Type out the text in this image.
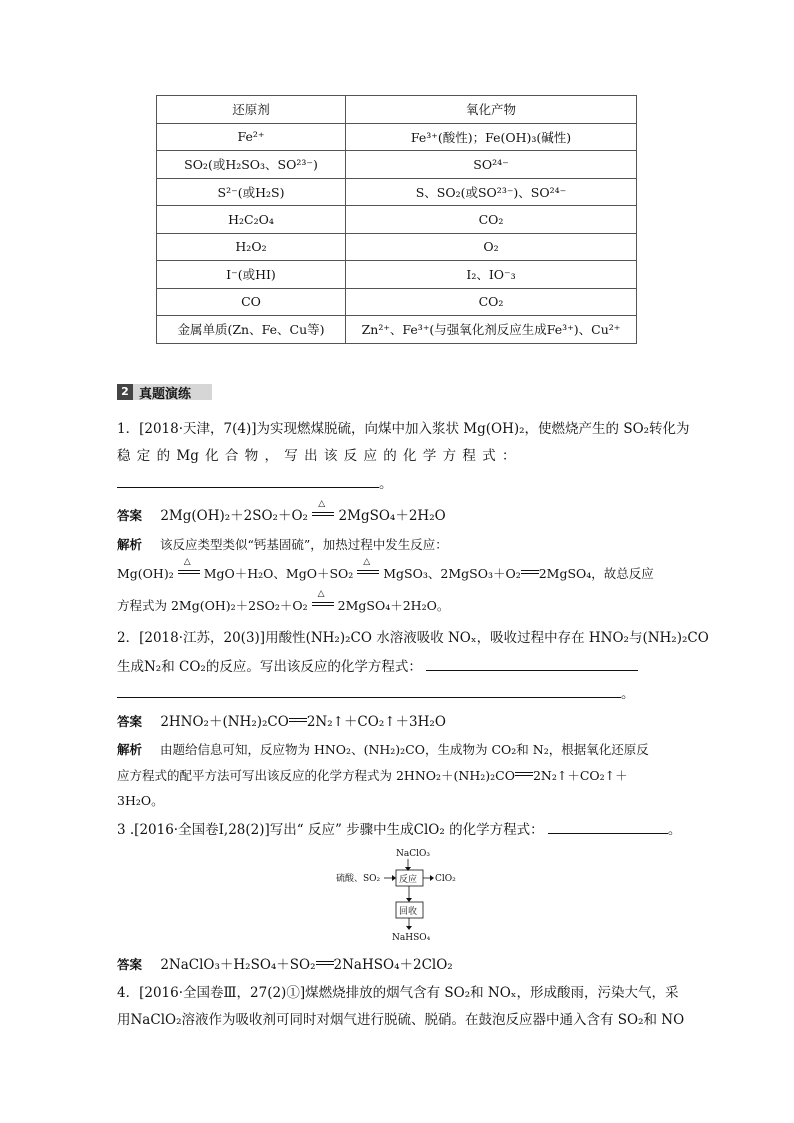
还原剂	氧化产物
Fe²⁺	Fe³⁺(酸性)；Fe(OH)₃(碱性)
SO₂(或H₂SO₃、SO²³⁻)	SO²⁴⁻
S²⁻(或H₂S)	S、SO₂(或SO²³⁻)、SO²⁴⁻
H₂C₂O₄	CO₂
H₂O₂	O₂
I⁻(或HI)	I₂、IO⁻₃
CO	CO₂
金属单质(Zn、Fe、Cu等)	Zn²⁺、Fe³⁺(与强氧化剂反应生成Fe³⁺)、Cu²⁺
2 真题演练
1．[2018·天津，7(4)]为实现燃煤脱硫，向煤中加入浆状 Mg(OH)₂，使燃烧产生的 SO₂转化为
稳 定 的 Mg 化 合 物 ， 写 出 该 反 应 的 化 学 方 程 式 ：
。
答案 2Mg(OH)₂＋2SO₂＋O₂
△
2MgSO₄＋2H₂O
解析 该反应类型类似“钙基固硫”，加热过程中发生反应：
Mg(OH)₂
△
MgO＋H₂O、MgO＋SO₂
△
MgSO₃、2MgSO₃＋O₂ 2MgSO₄，故总反应
方程式为 2Mg(OH)₂＋2SO₂＋O₂
△
2MgSO₄＋2H₂O。
2．[2018·江苏，20(3)]用酸性(NH₂)₂CO 水溶液吸收 NOₓ，吸收过程中存在 HNO₂与(NH₂)₂CO
生成N₂和 CO₂的反应。写出该反应的化学方程式：
。
答案 2HNO₂＋(NH₂)₂CO 2N₂↑＋CO₂↑＋3H₂O
解析 由题给信息可知，反应物为 HNO₂、(NH₂)₂CO，生成物为 CO₂和 N₂，根据氧化还原反
应方程式的配平方法可写出该反应的化学方程式为 2HNO₂＋(NH₂)₂CO 2N₂↑＋CO₂↑＋
3H₂O。
3 .[2016·全国卷Ⅰ,28(2)]写出“ 反应” 步骤中生成ClO₂ 的化学方程式：	。
NaClO₃
硫酸、SO₂ 反应 ClO₂
回收
NaHSO₄
答案 2NaClO₃＋H₂SO₄＋SO₂ 2NaHSO₄＋2ClO₂
4．[2016·全国卷Ⅲ，27(2)①]煤燃烧排放的烟气含有 SO₂和 NOₓ，形成酸雨，污染大气，采
用NaClO₂溶液作为吸收剂可同时对烟气进行脱硫、脱硝。在鼓泡反应器中通入含有 SO₂和 NO
